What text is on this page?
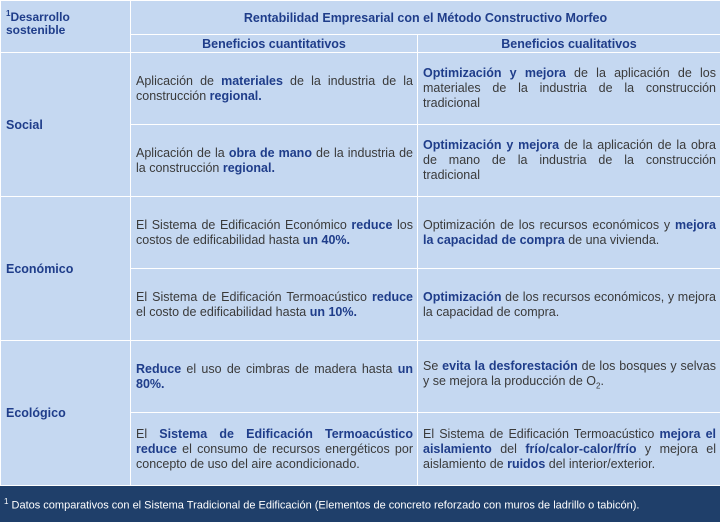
$^1$Desarrollo
sostenible	Rentabilidad Empresarial con el Método Constructivo Morfeo	
	Beneficios cuantitativos	Beneficios cualitativos
Social	Aplicación de materiales de la industria de la construcción regional.	Optimización y mejora de la aplicación de los materiales de la industria de la construcción tradicional
	Aplicación de la obra de mano de la industria de la construcción regional.	Optimización y mejora de la aplicación de la obra de mano de la industria de la construcción tradicional
Económico	El Sistema de Edificación Económico reduce los costos de edificabilidad hasta un 40%.	Optimización de los recursos económicos y mejora la capacidad de compra de una vivienda.
	El Sistema de Edificación Termoacústico reduce el costo de edificabilidad hasta un 10%.	Optimización de los recursos económicos, y mejora la capacidad de compra.
Ecológico	Reduce el uso de cimbras de madera hasta un 80%.	Se evita la desforestación de los bosques y selvas y se mejora la producción de $O_2$.
	El Sistema de Edificación Termoacústico reduce el consumo de recursos energéticos por concepto de uso del aire acondicionado.	El Sistema de Edificación Termoacústico mejora el aislamiento del frío/calor-calor/frío y mejora el aislamiento de ruidos del interior/exterior.
$^1$ Datos comparativos con el Sistema Tradicional de Edificación (Elementos de concreto reforzado con muros de ladrillo o tabicón).
